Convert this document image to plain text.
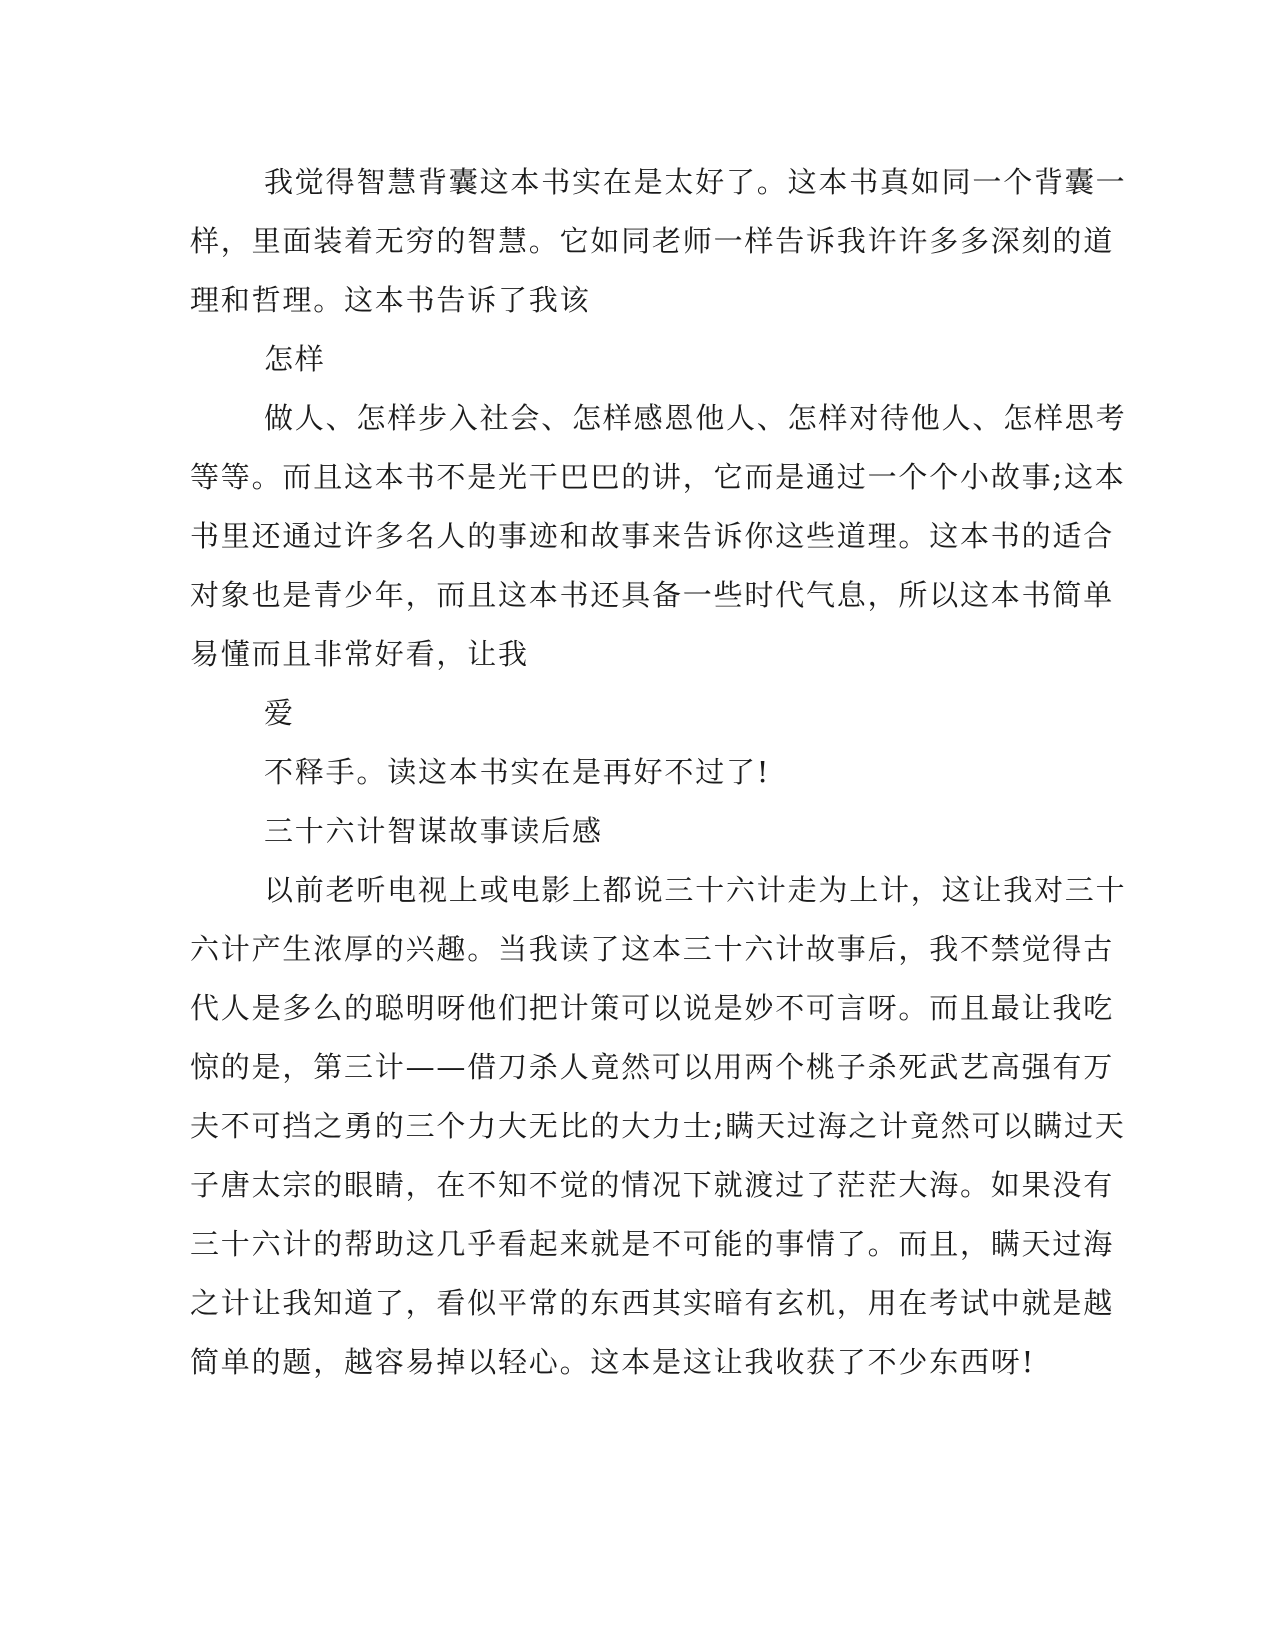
我觉得智慧背囊这本书实在是太好了。这本书真如同一个背囊一
样，里面装着无穷的智慧。它如同老师一样告诉我许许多多深刻的道
理和哲理。这本书告诉了我该
怎样
做人、怎样步入社会、怎样感恩他人、怎样对待他人、怎样思考
等等。而且这本书不是光干巴巴的讲，它而是通过一个个小故事;这本
书里还通过许多名人的事迹和故事来告诉你这些道理。这本书的适合
对象也是青少年，而且这本书还具备一些时代气息，所以这本书简单
易懂而且非常好看，让我
爱
不释手。读这本书实在是再好不过了!
三十六计智谋故事读后感
以前老听电视上或电影上都说三十六计走为上计，这让我对三十
六计产生浓厚的兴趣。当我读了这本三十六计故事后，我不禁觉得古
代人是多么的聪明呀他们把计策可以说是妙不可言呀。而且最让我吃
惊的是，第三计——借刀杀人竟然可以用两个桃子杀死武艺高强有万
夫不可挡之勇的三个力大无比的大力士;瞒天过海之计竟然可以瞒过天
子唐太宗的眼睛，在不知不觉的情况下就渡过了茫茫大海。如果没有
三十六计的帮助这几乎看起来就是不可能的事情了。而且，瞒天过海
之计让我知道了，看似平常的东西其实暗有玄机，用在考试中就是越
简单的题，越容易掉以轻心。这本是这让我收获了不少东西呀!
